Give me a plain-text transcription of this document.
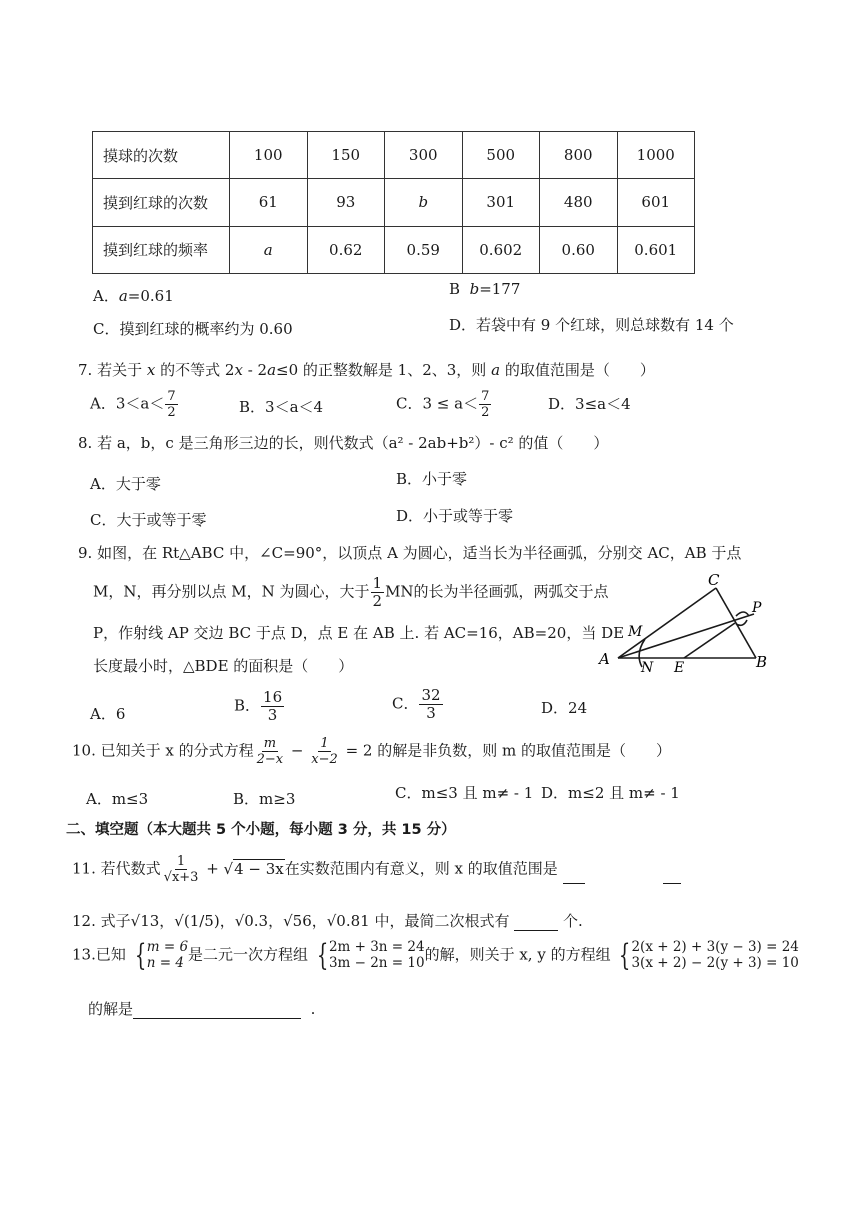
摸球的次数	100	150	300	500	800	1000
摸到红球的次数	61	93	b	301	480	601
摸到红球的频率	a	0.62	0.59	0.602	0.60	0.601
A．a=0.61	B b=177
C．摸到红球的概率约为 0.60	D．若袋中有 9 个红球，则总球数有 14 个
7. 若关于 x 的不等式 2x - 2a≤0 的正整数解是 1、2、3，则 a 的取值范围是（　　）
A．$3<a< \frac{7}{2}$	B．3＜a＜4	C．$3 \le a< \frac{7}{2}$	D．3≤a＜4
8. 若 a，b，c 是三角形三边的长，则代数式（a² - 2ab+b²）- c² 的值（　　）
A．大于零	B．小于零
C．大于或等于零	D．小于或等于零
9. 如图，在 Rt△ABC 中，∠C=90°，以顶点 A 为圆心，适当长为半径画弧，分别交 AC，AB 于点
M，N，再分别以点 M，N 为圆心，大于 $\frac{1}{2}$ MN的长为半径画弧，两弧交于点
P，作射线 AP 交边 BC 于点 D，点 E 在 AB 上. 若 AC=16，AB=20，当 DE
长度最小时，△BDE 的面积是（　　）	A	B
C
M
N E
P
A．6	B． $\frac{16}{3}$	C． $\frac{32}{3}$	D．24
10. 已知关于 x 的分式方程 $\frac{m}{2-x} - \frac{1}{x-2} = 2$ 的解是非负数，则 m 的取值范围是（　　）
A．m≤3	B．m≥3	C．m≤3 且 m≠ - 1 D．m≤2 且 m≠ - 1
二、填空题（本大题共 5 个小题，每小题 3 分，共 15 分）
11. 若代数式 $\frac{1}{√x+3} + √4 - 3x$在实数范围内有意义，则 x 的取值范围是
12. 式子√13，√(1/5)，√0.3，√56，√0.81 中，最简二次根式有	个.
13.已知 { m = 6
n = 4 是二元一次方程组 { 2m + 3n = 24
3m − 2n = 10 的解，则关于 x, y 的方程组 { 2(x + 2) + 3(y − 3) = 24
3(x + 2) − 2(y + 3) = 10
的解是	.
